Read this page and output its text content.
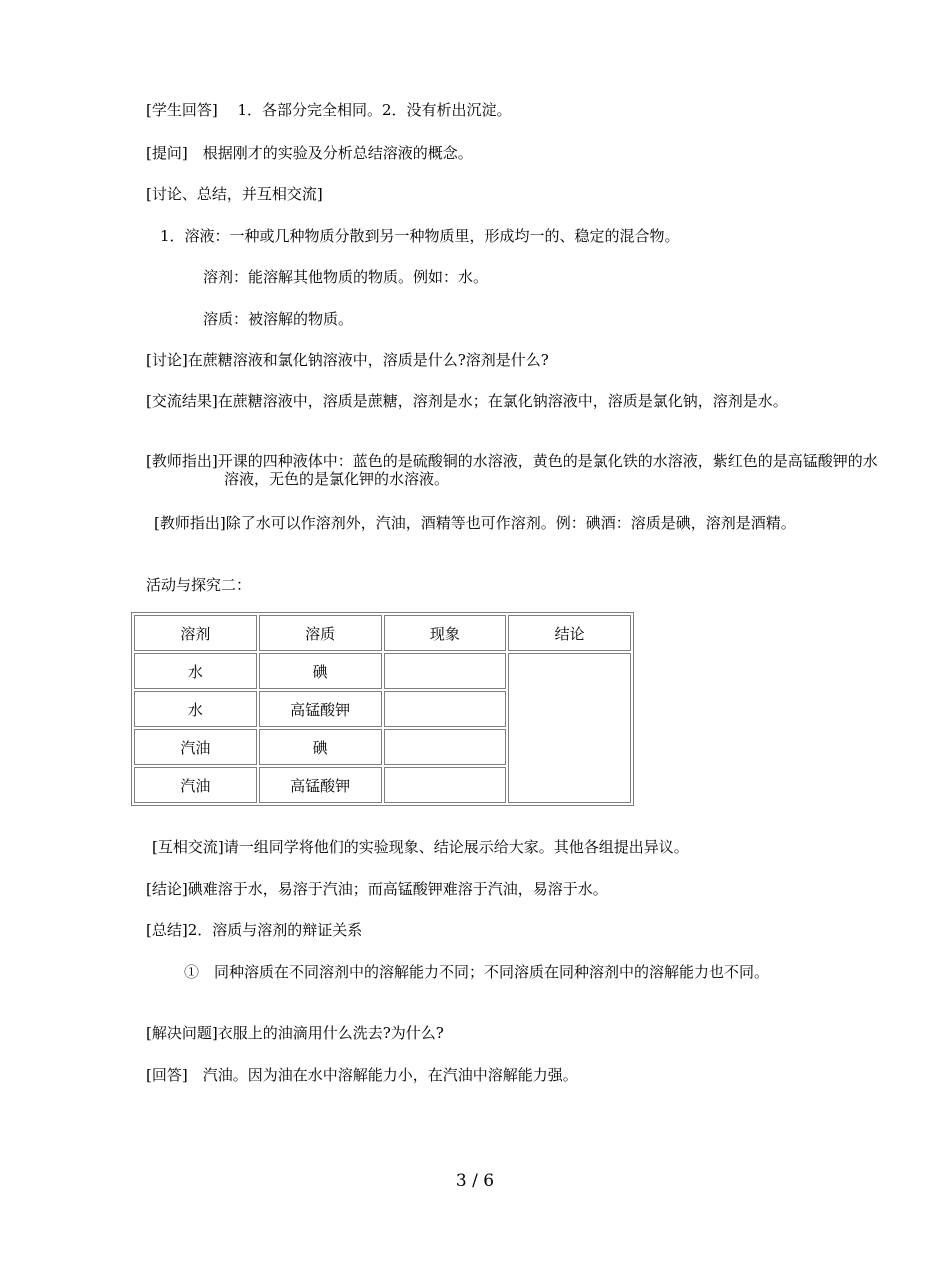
[学生回答]　 1．各部分完全相同。2．没有析出沉淀。

[提问]　根据刚才的实验及分析总结溶液的概念。

[讨论、总结，并互相交流]

1．溶液：一种或几种物质分散到另一种物质里，形成均一的、稳定的混合物。

溶剂：能溶解其他物质的物质。例如：水。

溶质：被溶解的物质。

[讨论]在蔗糖溶液和氯化钠溶液中，溶质是什么?溶剂是什么?

[交流结果]在蔗糖溶液中，溶质是蔗糖，溶剂是水；在氯化钠溶液中，溶质是氯化钠，溶剂是水。

[教师指出]开课的四种液体中：蓝色的是硫酸铜的水溶液，黄色的是氯化铁的水溶液，紫红色的是高锰酸钾的水溶液，无色的是氯化钾的水溶液。

[教师指出]除了水可以作溶剂外，汽油，酒精等也可作溶剂。例：碘酒：溶质是碘，溶剂是酒精。

活动与探究二：

溶剂	溶质	现象	结论
水	碘		
水	高锰酸钾		
汽油	碘		
汽油	高锰酸钾		

[互相交流]请一组同学将他们的实验现象、结论展示给大家。其他各组提出异议。

[结论]碘难溶于水，易溶于汽油；而高锰酸钾难溶于汽油，易溶于水。

[总结]2．溶质与溶剂的辩证关系

①　同种溶质在不同溶剂中的溶解能力不同；不同溶质在同种溶剂中的溶解能力也不同。

[解决问题]衣服上的油滴用什么洗去?为什么?

[回答]　汽油。因为油在水中溶解能力小，在汽油中溶解能力强。

3 / 6
